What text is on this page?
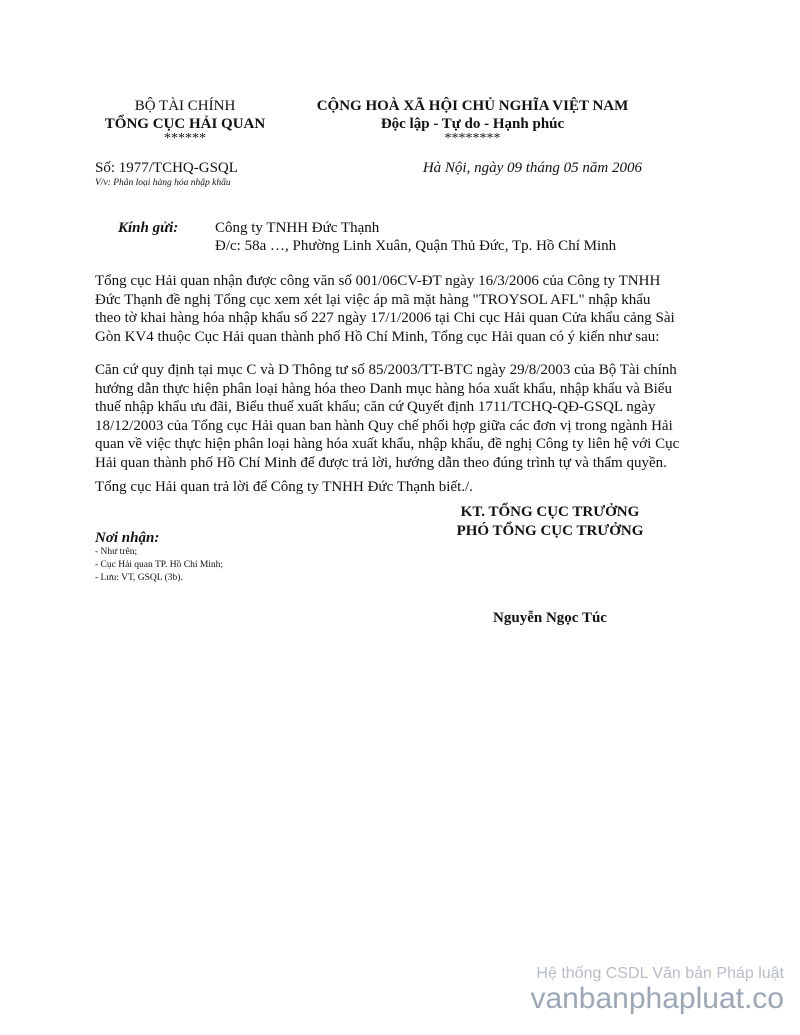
BỘ TÀI CHÍNH
TỔNG CỤC HẢI QUAN
******
CỘNG HOÀ XÃ HỘI CHỦ NGHĨA VIỆT NAM
Độc lập - Tự do - Hạnh phúc
********
Số: 1977/TCHQ-GSQL
V/v: Phân loại hàng hóa nhập khẩu
Hà Nội, ngày 09 tháng 05 năm 2006
Kính gửi: Công ty TNHH Đức Thạnh
Đ/c: 58a …, Phường Linh Xuân, Quận Thủ Đức, Tp. Hồ Chí Minh

Tổng cục Hải quan nhận được công văn số 001/06CV-ĐT ngày 16/3/2006 của Công ty TNHH
Đức Thạnh đề nghị Tổng cục xem xét lại việc áp mã mặt hàng "TROYSOL AFL" nhập khẩu
theo tờ khai hàng hóa nhập khẩu số 227 ngày 17/1/2006 tại Chi cục Hải quan Cửa khẩu cảng Sài
Gòn KV4 thuộc Cục Hải quan thành phố Hồ Chí Minh, Tổng cục Hải quan có ý kiến như sau:

Căn cứ quy định tại mục C và D Thông tư số 85/2003/TT-BTC ngày 29/8/2003 của Bộ Tài chính
hướng dẫn thực hiện phân loại hàng hóa theo Danh mục hàng hóa xuất khẩu, nhập khẩu và Biểu
thuế nhập khẩu ưu đãi, Biểu thuế xuất khẩu; căn cứ Quyết định 1711/TCHQ-QĐ-GSQL ngày
18/12/2003 của Tổng cục Hải quan ban hành Quy chế phối hợp giữa các đơn vị trong ngành Hải
quan về việc thực hiện phân loại hàng hóa xuất khẩu, nhập khẩu, đề nghị Công ty liên hệ với Cục
Hải quan thành phố Hồ Chí Minh để được trả lời, hướng dẫn theo đúng trình tự và thẩm quyền.

Tổng cục Hải quan trả lời để Công ty TNHH Đức Thạnh biết./.

KT. TỔNG CỤC TRƯỞNG
PHÓ TỔNG CỤC TRƯỞNG
Nguyễn Ngọc Túc
Nơi nhận:
- Như trên;
- Cục Hải quan TP. Hồ Chí Minh;
- Lưu: VT, GSQL (3b).
Hệ thống CSDL Văn bản Pháp luật
vanbanphapluat.co
